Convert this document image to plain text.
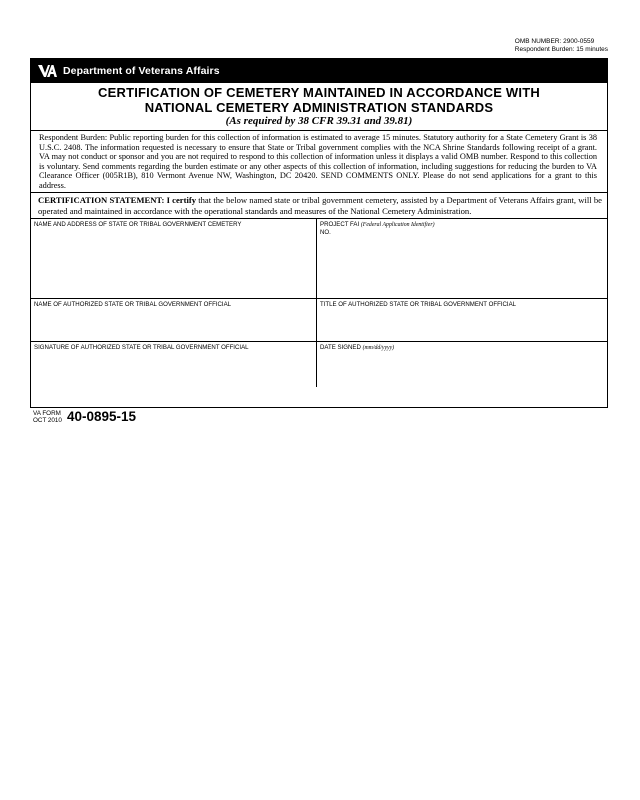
OMB NUMBER: 2900-0559
Respondent Burden: 15 minutes
Department of Veterans Affairs
CERTIFICATION OF CEMETERY MAINTAINED IN ACCORDANCE WITH
NATIONAL CEMETERY ADMINISTRATION STANDARDS
(As required by 38 CFR 39.31 and 39.81)
Respondent Burden: Public reporting burden for this collection of information is estimated to average 15 minutes. Statutory authority for a State Cemetery Grant is 38 U.S.C. 2408. The information requested is necessary to ensure that State or Tribal government complies with the NCA Shrine Standards following receipt of a grant. VA may not conduct or sponsor and you are not required to respond to this collection of information unless it displays a valid OMB number. Respond to this collection is voluntary. Send comments regarding the burden estimate or any other aspects of this collection of information, including suggestions for reducing the burden to VA Clearance Officer (005R1B), 810 Vermont Avenue NW, Washington, DC 20420. SEND COMMENTS ONLY. Please do not send applications for a grant to this address.
CERTIFICATION STATEMENT: I certify that the below named state or tribal government cemetery, assisted by a Department of Veterans Affairs grant, will be operated and maintained in accordance with the operational standards and measures of the National Cemetery Administration.
NAME AND ADDRESS OF STATE OR TRIBAL GOVERNMENT CEMETERY	PROJECT FAI (Federal Application Identifier)
NO.
NAME OF AUTHORIZED STATE OR TRIBAL GOVERNMENT OFFICIAL	TITLE OF AUTHORIZED STATE OR TRIBAL GOVERNMENT OFFICIAL
SIGNATURE OF AUTHORIZED STATE OR TRIBAL GOVERNMENT OFFICIAL	DATE SIGNED (mm/dd/yyyy)
VA FORM
OCT 2010 40-0895-15
